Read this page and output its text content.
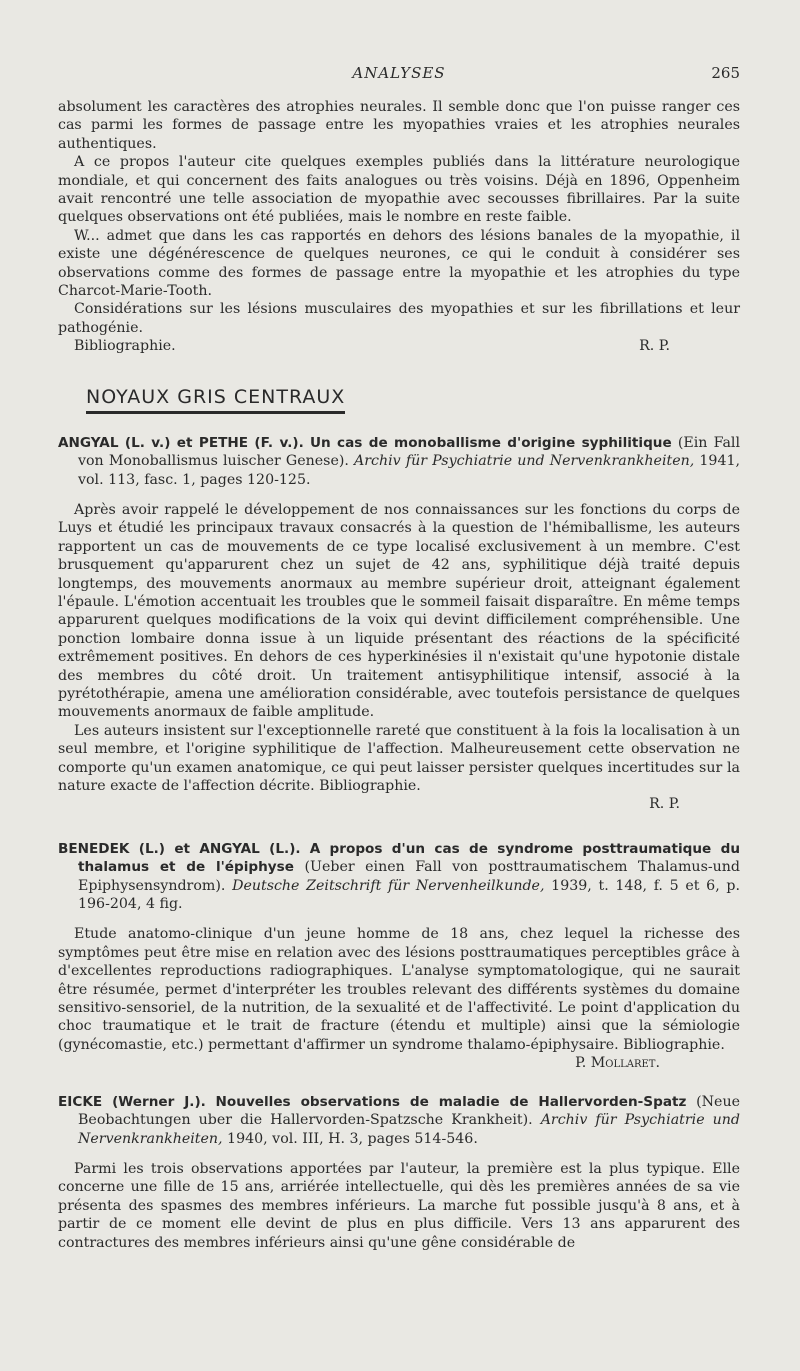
ANALYSES	265

absolument les caractères des atrophies neurales. Il semble donc que l'on puisse ranger ces cas parmi les formes de passage entre les myopathies vraies et les atrophies neurales authentiques.

A ce propos l'auteur cite quelques exemples publiés dans la littérature neurologique mondiale, et qui concernent des faits analogues ou très voisins. Déjà en 1896, Oppenheim avait rencontré une telle association de myopathie avec secousses fibrillaires. Par la suite quelques observations ont été publiées, mais le nombre en reste faible.

W... admet que dans les cas rapportés en dehors des lésions banales de la myopathie, il existe une dégénérescence de quelques neurones, ce qui le conduit à considérer ses observations comme des formes de passage entre la myopathie et les atrophies du type Charcot-Marie-Tooth.

Considérations sur les lésions musculaires des myopathies et sur les fibrillations et leur pathogénie.

Bibliographie.	R. P.
NOYAUX GRIS CENTRAUX

ANGYAL (L. v.) et PETHE (F. v.). Un cas de monoballisme d'origine syphilitique (Ein Fall von Monoballismus luischer Genese). Archiv für Psychiatrie und Nervenkrankheiten, 1941, vol. 113, fasc. 1, pages 120-125.

Après avoir rappelé le développement de nos connaissances sur les fonctions du corps de Luys et étudié les principaux travaux consacrés à la question de l'hémiballisme, les auteurs rapportent un cas de mouvements de ce type localisé exclusivement à un membre. C'est brusquement qu'apparurent chez un sujet de 42 ans, syphilitique déjà traité depuis longtemps, des mouvements anormaux au membre supérieur droit, atteignant également l'épaule. L'émotion accentuait les troubles que le sommeil faisait disparaître. En même temps apparurent quelques modifications de la voix qui devint difficilement compréhensible. Une ponction lombaire donna issue à un liquide présentant des réactions de la spécificité extrêmement positives. En dehors de ces hyperkinésies il n'existait qu'une hypotonie distale des membres du côté droit. Un traitement antisyphilitique intensif, associé à la pyrétothérapie, amena une amélioration considérable, avec toutefois persistance de quelques mouvements anormaux de faible amplitude.

Les auteurs insistent sur l'exceptionnelle rareté que constituent à la fois la localisation à un seul membre, et l'origine syphilitique de l'affection. Malheureusement cette observation ne comporte qu'un examen anatomique, ce qui peut laisser persister quelques incertitudes sur la nature exacte de l'affection décrite. Bibliographie.

R. P.

BENEDEK (L.) et ANGYAL (L.). A propos d'un cas de syndrome posttraumatique du thalamus et de l'épiphyse (Ueber einen Fall von posttraumatischem Thalamus-und Epiphysensyndrom). Deutsche Zeitschrift für Nervenheilkunde, 1939, t. 148, f. 5 et 6, p. 196-204, 4 fig.

Etude anatomo-clinique d'un jeune homme de 18 ans, chez lequel la richesse des symptômes peut être mise en relation avec des lésions posttraumatiques perceptibles grâce à d'excellentes reproductions radiographiques. L'analyse symptomatologique, qui ne saurait être résumée, permet d'interpréter les troubles relevant des différents systèmes du domaine sensitivo-sensoriel, de la nutrition, de la sexualité et de l'affectivité. Le point d'application du choc traumatique et le trait de fracture (étendu et multiple) ainsi que la sémiologie (gynécomastie, etc.) permettant d'affirmer un syndrome thalamo-épiphysaire. Bibliographie.

P. Mollaret.

EICKE (Werner J.). Nouvelles observations de maladie de Hallervorden-Spatz (Neue Beobachtungen uber die Hallervorden-Spatzsche Krankheit). Archiv für Psychiatrie und Nervenkrankheiten, 1940, vol. III, H. 3, pages 514-546.

Parmi les trois observations apportées par l'auteur, la première est la plus typique. Elle concerne une fille de 15 ans, arriérée intellectuelle, qui dès les premières années de sa vie présenta des spasmes des membres inférieurs. La marche fut possible jusqu'à 8 ans, et à partir de ce moment elle devint de plus en plus difficile. Vers 13 ans apparurent des contractures des membres inférieurs ainsi qu'une gêne considérable de
